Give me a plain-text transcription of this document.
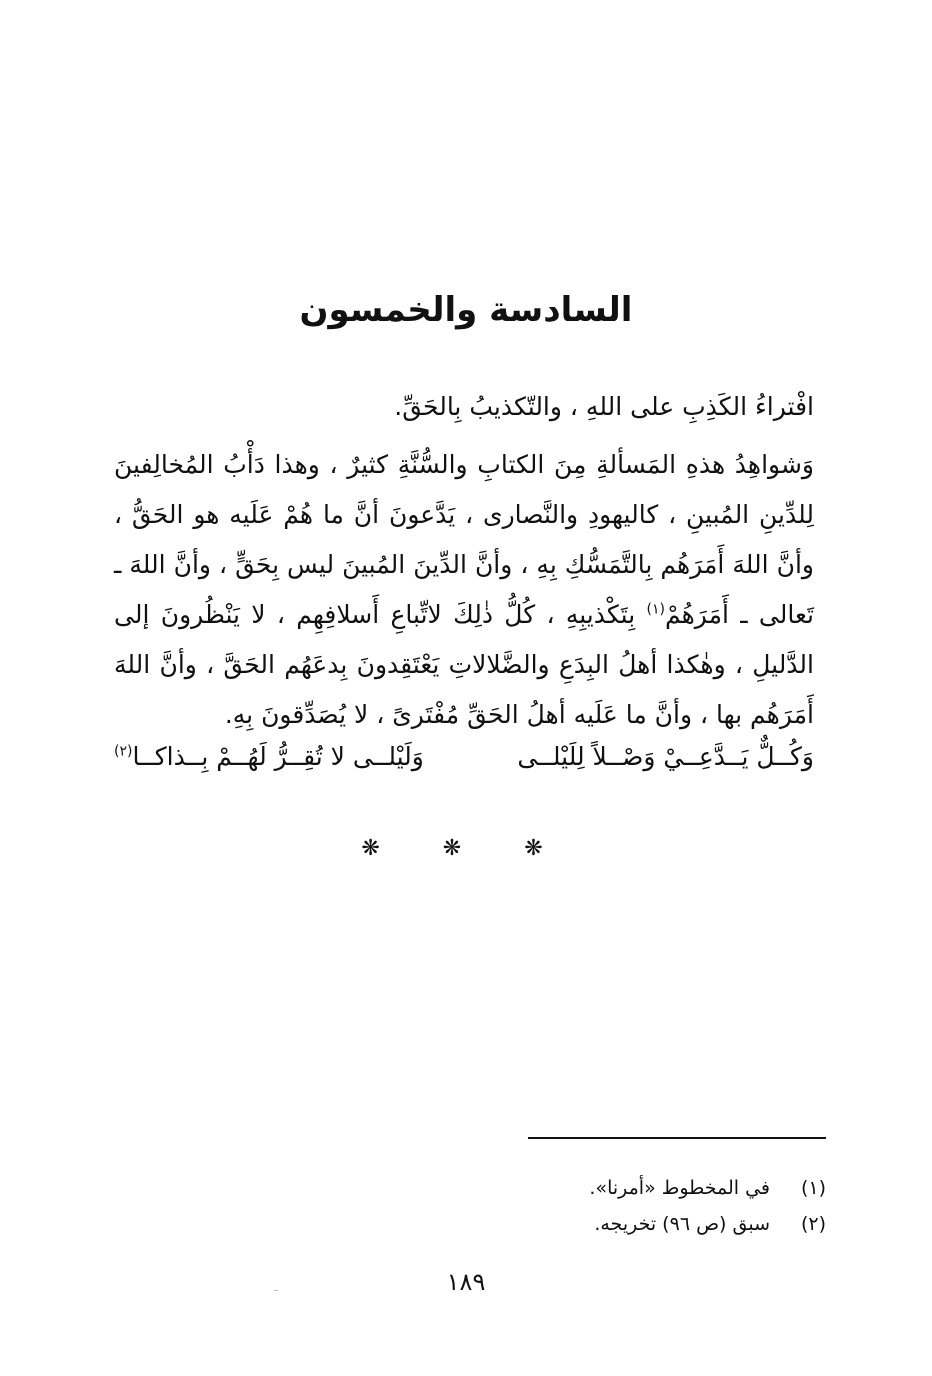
السادسة والخمسون
افْتراءُ الكَذِبِ على اللهِ ، والتّكذيبُ بِالحَقِّ.
وَشواهِدُ هذهِ المَسألةِ مِنَ الكتابِ والسُّنَّةِ كثيرٌ ، وهذا دَأْبُ المُخالِفينَ لِلدِّينِ المُبينِ ، كاليهودِ والنَّصارى ، يَدَّعونَ أنَّ ما هُمْ عَلَيه هو الحَقُّ ، وأنَّ اللهَ أَمَرَهُم بِالتَّمَسُّكِ بِهِ ، وأنَّ الدِّينَ المُبينَ ليس بِحَقٍّ ، وأنَّ اللهَ ـ تَعالى ـ أَمَرَهُمْ$^{(١)}$ بِتَكْذيبِهِ ، كُلُّ ذٰلِكَ لاتِّباعِ أَسلافِهِم ، لا يَنْظُرونَ إلى الدَّليلِ ، وهٰكذا أهلُ البِدَعِ والضَّلالاتِ يَعْتَقِدونَ بِدعَهُم الحَقَّ ، وأنَّ اللهَ أَمَرَهُم بها ، وأنَّ ما عَلَيه أهلُ الحَقِّ مُفْتَرىً ، لا يُصَدِّقونَ بِهِ.
وَكُــلٌّ يَــدَّعِــيْ وَصْــلاً لِلَيْلــى
وَلَيْلــى لا تُقِــرُّ لَهُــمْ بِــذاكــا$^{(٢)}$
❋ ❋ ❋
(١)
في المخطوط «أمرنا».
(٢)
سبق (ص ٩٦) تخريجه.
١٨٩
